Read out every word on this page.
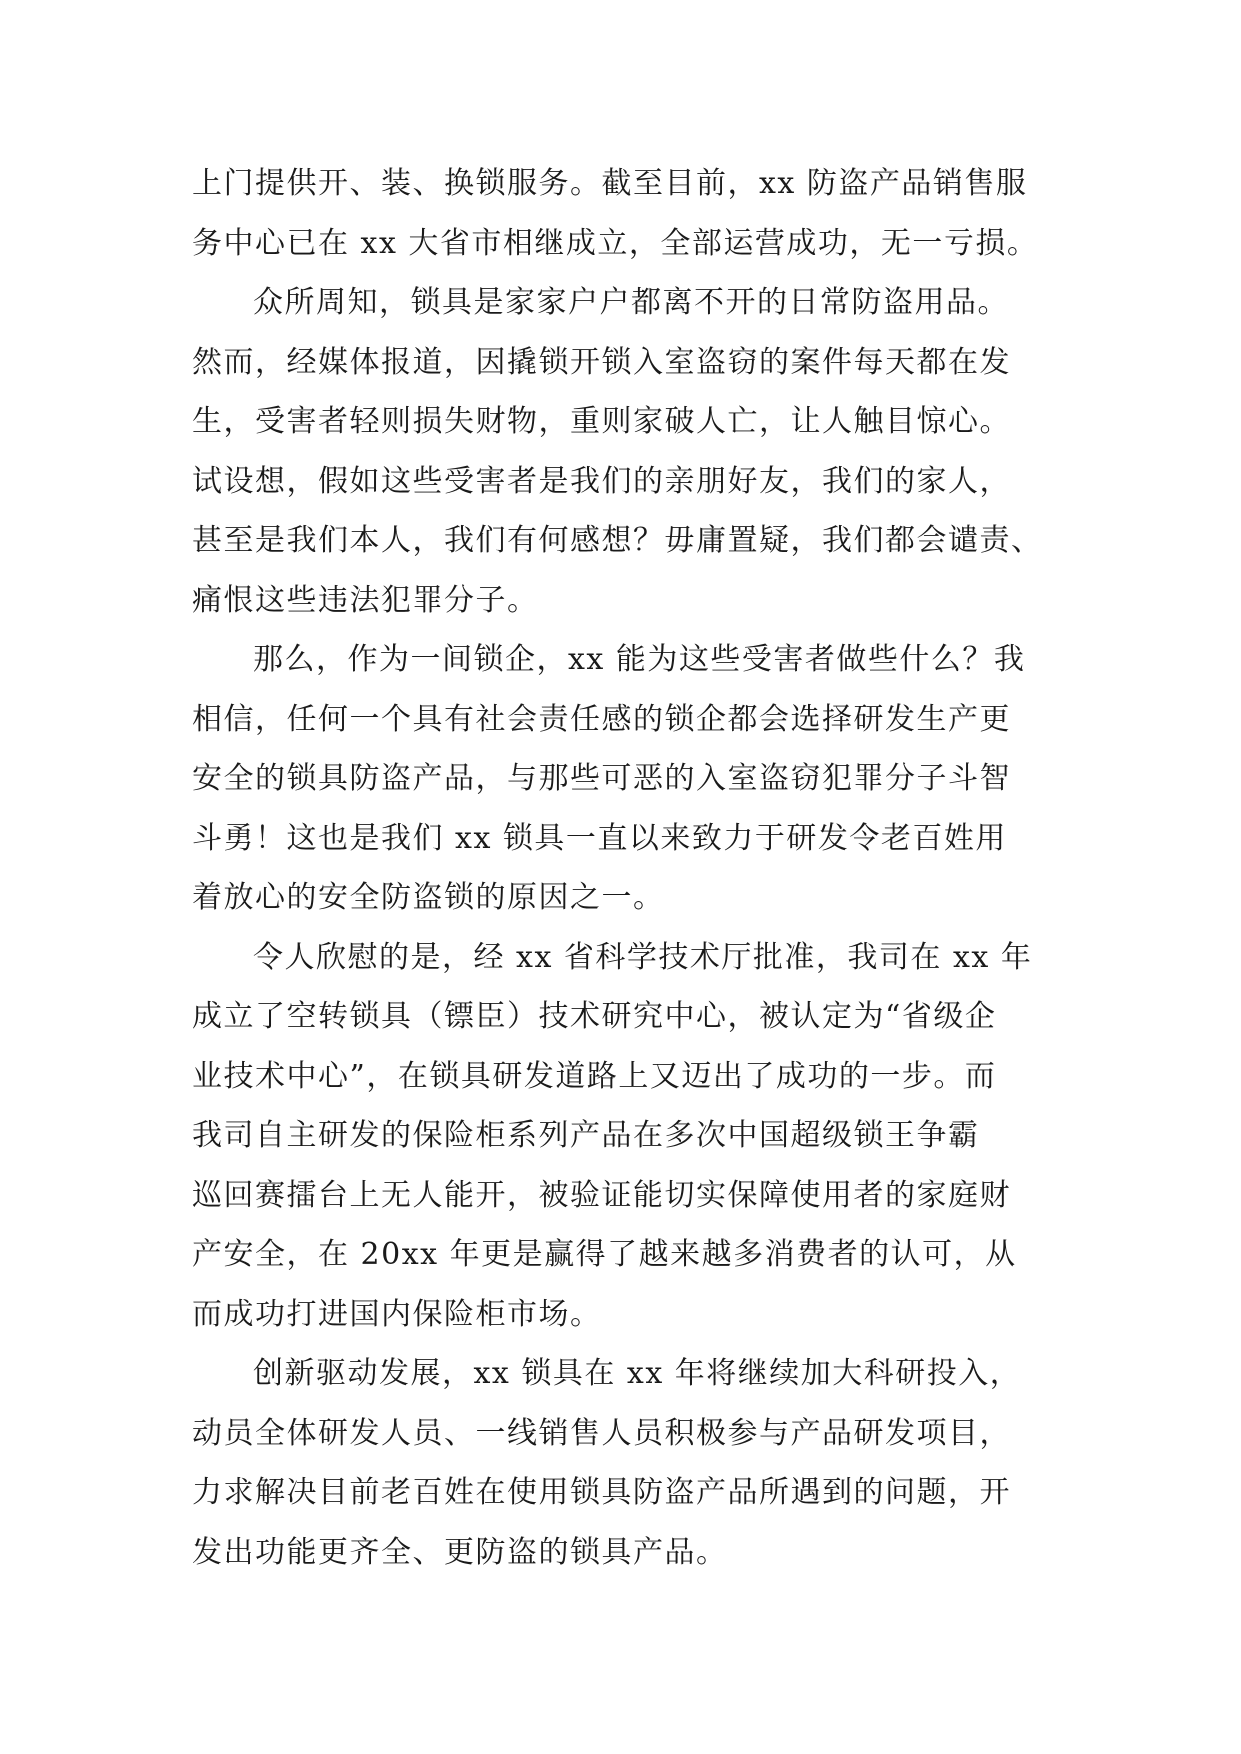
上门提供开、装、换锁服务。截至目前，xx 防盗产品销售服
务中心已在 xx 大省市相继成立，全部运营成功，无一亏损。
众所周知，锁具是家家户户都离不开的日常防盗用品。
然而，经媒体报道，因撬锁开锁入室盗窃的案件每天都在发
生，受害者轻则损失财物，重则家破人亡，让人触目惊心。
试设想，假如这些受害者是我们的亲朋好友，我们的家人，
甚至是我们本人，我们有何感想？毋庸置疑，我们都会谴责、
痛恨这些违法犯罪分子。
那么，作为一间锁企，xx 能为这些受害者做些什么？我
相信，任何一个具有社会责任感的锁企都会选择研发生产更
安全的锁具防盗产品，与那些可恶的入室盗窃犯罪分子斗智
斗勇！这也是我们 xx 锁具一直以来致力于研发令老百姓用
着放心的安全防盗锁的原因之一。
令人欣慰的是，经 xx 省科学技术厅批准，我司在 xx 年
成立了空转锁具（镖臣）技术研究中心，被认定为“省级企
业技术中心”，在锁具研发道路上又迈出了成功的一步。而
我司自主研发的保险柜系列产品在多次中国超级锁王争霸
巡回赛擂台上无人能开，被验证能切实保障使用者的家庭财
产安全，在 20xx 年更是赢得了越来越多消费者的认可，从
而成功打进国内保险柜市场。
创新驱动发展，xx 锁具在 xx 年将继续加大科研投入，
动员全体研发人员、一线销售人员积极参与产品研发项目，
力求解决目前老百姓在使用锁具防盗产品所遇到的问题，开
发出功能更齐全、更防盗的锁具产品。
